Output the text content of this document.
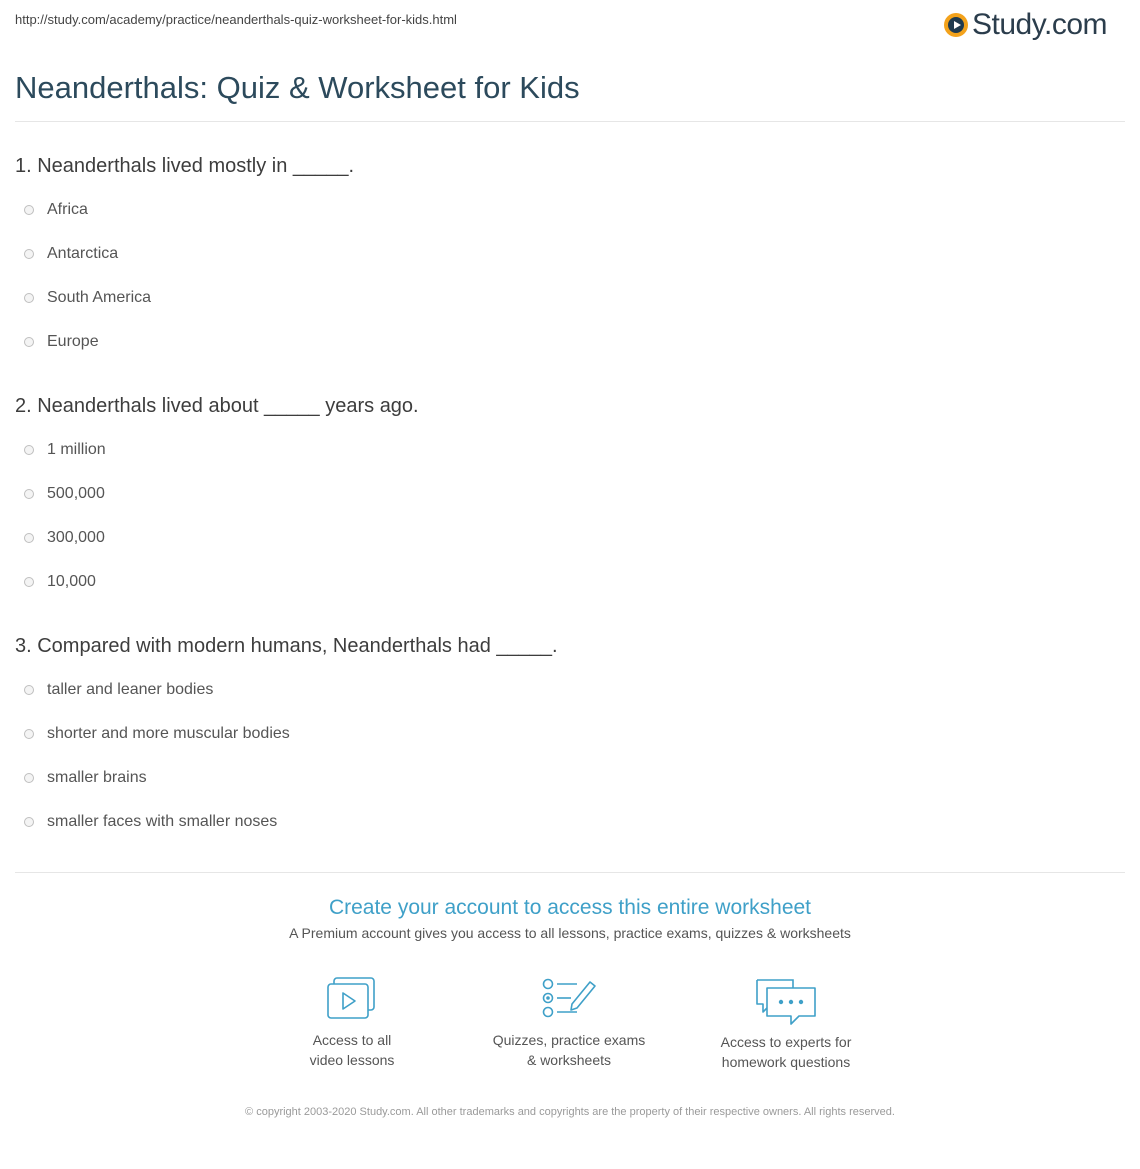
http://study.com/academy/practice/neanderthals-quiz-worksheet-for-kids.html	Study.com
Neanderthals: Quiz & Worksheet for Kids
1. Neanderthals lived mostly in _____.
Africa
Antarctica
South America
Europe
2. Neanderthals lived about _____ years ago.
1 million
500,000
300,000
10,000
3. Compared with modern humans, Neanderthals had _____.
taller and leaner bodies
shorter and more muscular bodies
smaller brains
smaller faces with smaller noses
Create your account to access this entire worksheet
A Premium account gives you access to all lessons, practice exams, quizzes & worksheets
Access to all
video lessons
Quizzes, practice exams
& worksheets
Access to experts for
homework questions
© copyright 2003-2020 Study.com. All other trademarks and copyrights are the property of their respective owners. All rights reserved.
